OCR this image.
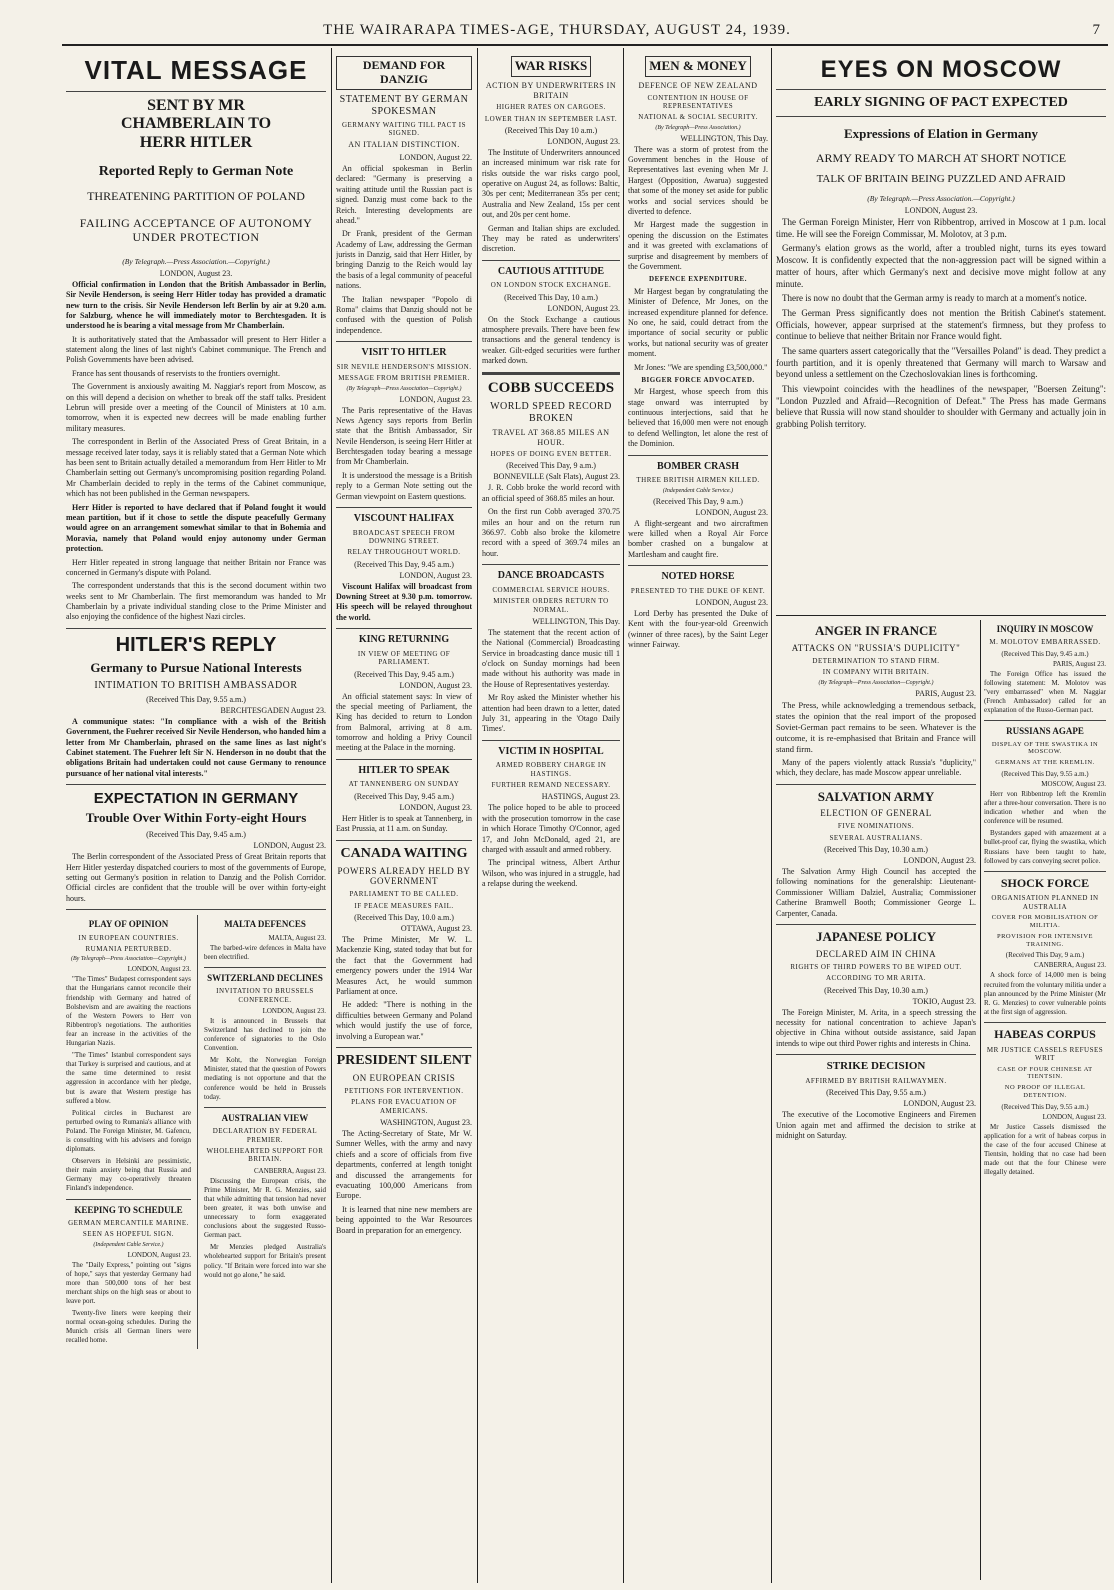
THE WAIRARAPA TIMES-AGE, THURSDAY, AUGUST 24, 1939.	7
VITAL MESSAGE
SENT BY MR CHAMBERLAIN TO HERR HITLER
Reported Reply to German Note
THREATENING PARTITION OF POLAND
FAILING ACCEPTANCE OF AUTONOMY UNDER PROTECTION
(By Telegraph.—Press Association.—Copyright.)
LONDON, August 23.

Official confirmation in London that the British Ambassador in Berlin, Sir Nevile Henderson, is seeing Herr Hitler today has provided a dramatic new turn to the crisis. Sir Nevile Henderson left Berlin by air at 9.20 a.m. for Salzburg, whence he will immediately motor to Berchtesgaden. It is understood he is bearing a vital message from Mr Chamberlain.

It is authoritatively stated that the Ambassador will present to Herr Hitler a statement along the lines of last night's Cabinet communique. The French and Polish Governments have been advised.

France has sent thousands of reservists to the frontiers overnight.

The Government is anxiously awaiting M. Naggiar's report from Moscow, as on this will depend a decision on whether to break off the staff talks. President Lebrun will preside over a meeting of the Council of Ministers at 10 a.m. tomorrow, when it is expected new decrees will be made enabling further military measures.

The correspondent in Berlin of the Associated Press of Great Britain, in a message received later today, says it is reliably stated that a German Note which has been sent to Britain actually detailed a memorandum from Herr Hitler to Mr Chamberlain setting out Germany's uncompromising position regarding Poland. Mr Chamberlain decided to reply in the terms of the Cabinet communique, which has not been published in the German newspapers.

Herr Hitler is reported to have declared that if Poland fought it would mean partition, but if it chose to settle the dispute peacefully Germany would agree on an arrangement somewhat similar to that in Bohemia and Moravia, namely that Poland would enjoy autonomy under German protection.

Herr Hitler repeated in strong language that neither Britain nor France was concerned in Germany's dispute with Poland.

The correspondent understands that this is the second document within two weeks sent to Mr Chamberlain. The first memorandum was handed to Mr Chamberlain by a private individual standing close to the Prime Minister and also enjoying the confidence of the highest Nazi circles.

HITLER'S REPLY
Germany to Pursue National Interests
INTIMATION TO BRITISH AMBASSADOR
(Received This Day, 9.55 a.m.)
BERCHTESGADEN August 23.

A communique states: "In compliance with a wish of the British Government, the Fuehrer received Sir Nevile Henderson, who handed him a letter from Mr Chamberlain, phrased on the same lines as last night's Cabinet statement. The Fuehrer left Sir N. Henderson in no doubt that the obligations Britain had undertaken could not cause Germany to renounce pursuance of her national vital interests."

EXPECTATION IN GERMANY
Trouble Over Within Forty-eight Hours
(Received This Day, 9.45 a.m.)
LONDON, August 23.

The Berlin correspondent of the Associated Press of Great Britain reports that Herr Hitler yesterday dispatched couriers to most of the governments of Europe, setting out Germany's position in relation to Danzig and the Polish Corridor. Official circles are confident that the trouble will be over within forty-eight hours.

PLAY OF OPINION
IN EUROPEAN COUNTRIES.
RUMANIA PERTURBED.
(By Telegraph—Press Association—Copyright.)
LONDON, August 23.

"The Times" Budapest correspondent says that the Hungarians cannot reconcile their friendship with Germany and hatred of Bolshevism and are awaiting the reactions of the Western Powers to Herr von Ribbentrop's negotiations. The authorities fear an increase in the activities of the Hungarian Nazis.

"The Times" Istanbul correspondent says that Turkey is surprised and cautious, and at the same time determined to resist aggression in accordance with her pledge, but is aware that Western prestige has suffered a blow.

Political circles in Bucharest are perturbed owing to Rumania's alliance with Poland. The Foreign Minister, M. Gafencu, is consulting with his advisers and foreign diplomats.

Observers in Helsinki are pessimistic, their main anxiety being that Russia and Germany may co-operatively threaten Finland's independence.

KEEPING TO SCHEDULE
GERMAN MERCANTILE MARINE.
SEEN AS HOPEFUL SIGN.
(Independent Cable Service.)
LONDON, August 23.

The "Daily Express," pointing out "signs of hope," says that yesterday Germany had more than 500,000 tons of her best merchant ships on the high seas or about to leave port.

Twenty-five liners were keeping their normal ocean-going schedules. During the Munich crisis all German liners were recalled home.

MALTA DEFENCES
MALTA, August 23.

The barbed-wire defences in Malta have been electrified.

SWITZERLAND DECLINES
INVITATION TO BRUSSELS CONFERENCE.
LONDON, August 23.

It is announced in Brussels that Switzerland has declined to join the conference of signatories to the Oslo Convention.

Mr Koht, the Norwegian Foreign Minister, stated that the question of Powers mediating is not opportune and that the conference would be held in Brussels today.

AUSTRALIAN VIEW
DECLARATION BY FEDERAL PREMIER.
WHOLEHEARTED SUPPORT FOR BRITAIN.
CANBERRA, August 23.

Discussing the European crisis, the Prime Minister, Mr R. G. Menzies, said that while admitting that tension had never been greater, it was both unwise and unnecessary to form exaggerated conclusions about the suggested Russo-German pact.

Mr Menzies pledged Australia's wholehearted support for Britain's present policy. "If Britain were forced into war she would not go alone," he said.

DEMAND FOR DANZIG
STATEMENT BY GERMAN SPOKESMAN
GERMANY WAITING TILL PACT IS SIGNED.
AN ITALIAN DISTINCTION.
LONDON, August 22.

An official spokesman in Berlin declared: "Germany is preserving a waiting attitude until the Russian pact is signed. Danzig must come back to the Reich. Interesting developments are ahead."

Dr Frank, president of the German Academy of Law, addressing the German jurists in Danzig, said that Herr Hitler, by bringing Danzig to the Reich would lay the basis of a legal community of peaceful nations.

The Italian newspaper "Popolo di Roma" claims that Danzig should not be confused with the question of Polish independence.

VISIT TO HITLER
SIR NEVILE HENDERSON'S MISSION.
MESSAGE FROM BRITISH PREMIER.
(By Telegraph—Press Association—Copyright.)
LONDON, August 23.

The Paris representative of the Havas News Agency says reports from Berlin state that the British Ambassador, Sir Nevile Henderson, is seeing Herr Hitler at Berchtesgaden today bearing a message from Mr Chamberlain.

It is understood the message is a British reply to a German Note setting out the German viewpoint on Eastern questions.

VISCOUNT HALIFAX
BROADCAST SPEECH FROM DOWNING STREET.
RELAY THROUGHOUT WORLD.
(Received This Day, 9.45 a.m.)
LONDON, August 23.

Viscount Halifax will broadcast from Downing Street at 9.30 p.m. tomorrow. His speech will be relayed throughout the world.

KING RETURNING
IN VIEW OF MEETING OF PARLIAMENT.
(Received This Day, 9.45 a.m.)
LONDON, August 23.

An official statement says: In view of the special meeting of Parliament, the King has decided to return to London from Balmoral, arriving at 8 a.m. tomorrow and holding a Privy Council meeting at the Palace in the morning.

HITLER TO SPEAK
AT TANNENBERG ON SUNDAY
(Received This Day, 9.45 a.m.)
LONDON, August 23.

Herr Hitler is to speak at Tannenberg, in East Prussia, at 11 a.m. on Sunday.

CANADA WAITING
POWERS ALREADY HELD BY GOVERNMENT
PARLIAMENT TO BE CALLED.
IF PEACE MEASURES FAIL.
(Received This Day, 10.0 a.m.)
OTTAWA, August 23.

The Prime Minister, Mr W. L. Mackenzie King, stated today that but for the fact that the Government had emergency powers under the 1914 War Measures Act, he would summon Parliament at once.

He added: "There is nothing in the difficulties between Germany and Poland which would justify the use of force, involving a European war."

PRESIDENT SILENT
ON EUROPEAN CRISIS
PETITIONS FOR INTERVENTION.
PLANS FOR EVACUATION OF AMERICANS.
WASHINGTON, August 23.

The Acting-Secretary of State, Mr W. Sumner Welles, with the army and navy chiefs and a score of officials from five departments, conferred at length tonight and discussed the arrangements for evacuating 100,000 Americans from Europe.

It is learned that nine new members are being appointed to the War Resources Board in preparation for an emergency.

WAR RISKS
ACTION BY UNDERWRITERS IN BRITAIN
HIGHER RATES ON CARGOES.
LOWER THAN IN SEPTEMBER LAST.
(Received This Day 10 a.m.)
LONDON, August 23.

The Institute of Underwriters announced an increased minimum war risk rate for risks outside the war risks cargo pool, operative on August 24, as follows: Baltic, 30s per cent; Mediterranean 35s per cent; Australia and New Zealand, 15s per cent out, and 20s per cent home.

German and Italian ships are excluded. They may be rated as underwriters' discretion.

CAUTIOUS ATTITUDE
ON LONDON STOCK EXCHANGE.
(Received This Day, 10 a.m.)
LONDON, August 23.

On the Stock Exchange a cautious atmosphere prevails. There have been few transactions and the general tendency is weaker. Gilt-edged securities were further marked down.

COBB SUCCEEDS
WORLD SPEED RECORD BROKEN
TRAVEL AT 368.85 MILES AN HOUR.
HOPES OF DOING EVEN BETTER.
(Received This Day, 9 a.m.)
BONNEVILLE (Salt Flats), August 23.

J. R. Cobb broke the world record with an official speed of 368.85 miles an hour.

On the first run Cobb averaged 370.75 miles an hour and on the return run 366.97. Cobb also broke the kilometre record with a speed of 369.74 miles an hour.

DANCE BROADCASTS
COMMERCIAL SERVICE HOURS.
MINISTER ORDERS RETURN TO NORMAL.
WELLINGTON, This Day.

The statement that the recent action of the National (Commercial) Broadcasting Service in broadcasting dance music till 1 o'clock on Sunday mornings had been made without his authority was made in the House of Representatives yesterday.

Mr Roy asked the Minister whether his attention had been drawn to a letter, dated July 31, appearing in the 'Otago Daily Times'.

VICTIM IN HOSPITAL
ARMED ROBBERY CHARGE IN HASTINGS.
FURTHER REMAND NECESSARY.
HASTINGS, August 23.

The police hoped to be able to proceed with the prosecution tomorrow in the case in which Horace Timothy O'Connor, aged 17, and John McDonald, aged 21, are charged with assault and armed robbery.

The principal witness, Albert Arthur Wilson, who was injured in a struggle, had a relapse during the weekend.

MEN & MONEY
DEFENCE OF NEW ZEALAND
CONTENTION IN HOUSE OF REPRESENTATIVES
NATIONAL & SOCIAL SECURITY.
(By Telegraph—Press Association.)
WELLINGTON, This Day.

There was a storm of protest from the Government benches in the House of Representatives last evening when Mr J. Hargest (Opposition, Awarua) suggested that some of the money set aside for public works and social services should be diverted to defence.

Mr Hargest made the suggestion in opening the discussion on the Estimates and it was greeted with exclamations of surprise and disagreement by members of the Government.

DEFENCE EXPENDITURE.

Mr Hargest began by congratulating the Minister of Defence, Mr Jones, on the increased expenditure planned for defence. No one, he said, could detract from the importance of social security or public works, but national security was of greater moment.

Mr Jones: "We are spending £3,500,000."

BIGGER FORCE ADVOCATED.

Mr Hargest, whose speech from this stage onward was interrupted by continuous interjections, said that he believed that 16,000 men were not enough to defend Wellington, let alone the rest of the Dominion.

BOMBER CRASH
THREE BRITISH AIRMEN KILLED.
(Independent Cable Service.)
(Received This Day, 9 a.m.)
LONDON, August 23.

A flight-sergeant and two aircraftmen were killed when a Royal Air Force bomber crashed on a bungalow at Martlesham and caught fire.

NOTED HORSE
PRESENTED TO THE DUKE OF KENT.
LONDON, August 23.

Lord Derby has presented the Duke of Kent with the four-year-old Greenwich (winner of three races), by the Saint Leger winner Fairway.

EYES ON MOSCOW
EARLY SIGNING OF PACT EXPECTED
Expressions of Elation in Germany
ARMY READY TO MARCH AT SHORT NOTICE
TALK OF BRITAIN BEING PUZZLED AND AFRAID
(By Telegraph.—Press Association.—Copyright.)
LONDON, August 23.

The German Foreign Minister, Herr von Ribbentrop, arrived in Moscow at 1 p.m. local time. He will see the Foreign Commissar, M. Molotov, at 3 p.m.

Germany's elation grows as the world, after a troubled night, turns its eyes toward Moscow. It is confidently expected that the non-aggression pact will be signed within a matter of hours, after which Germany's next and decisive move might follow at any minute.

There is now no doubt that the German army is ready to march at a moment's notice.

The German Press significantly does not mention the British Cabinet's statement. Officials, however, appear surprised at the statement's firmness, but they profess to continue to believe that neither Britain nor France would fight.

The same quarters assert categorically that the "Versailles Poland" is dead. They predict a fourth partition, and it is openly threatened that Germany will march to Warsaw and beyond unless a settlement on the Czechoslovakian lines is forthcoming.

This viewpoint coincides with the headlines of the newspaper, "Boersen Zeitung": "London Puzzled and Afraid—Recognition of Defeat." The Press has made Germans believe that Russia will now stand shoulder to shoulder with Germany and actually join in grabbing Polish territory.

ANGER IN FRANCE
ATTACKS ON "RUSSIA'S DUPLICITY"
DETERMINATION TO STAND FIRM.
IN COMPANY WITH BRITAIN.
(By Telegraph—Press Association—Copyright.)
PARIS, August 23.

The Press, while acknowledging a tremendous setback, states the opinion that the real import of the proposed Soviet-German pact remains to be seen. Whatever is the outcome, it is re-emphasised that Britain and France will stand firm.

Many of the papers violently attack Russia's "duplicity," which, they declare, has made Moscow appear unreliable.

SALVATION ARMY
ELECTION OF GENERAL
FIVE NOMINATIONS.
SEVERAL AUSTRALIANS.
(Received This Day, 10.30 a.m.)
LONDON, August 23.

The Salvation Army High Council has accepted the following nominations for the generalship: Lieutenant-Commissioner William Dalziel, Australia; Commissioner Catherine Bramwell Booth; Commissioner George L. Carpenter, Canada.

JAPANESE POLICY
DECLARED AIM IN CHINA
RIGHTS OF THIRD POWERS TO BE WIPED OUT.
ACCORDING TO MR ARITA.
(Received This Day, 10.30 a.m.)
TOKIO, August 23.

The Foreign Minister, M. Arita, in a speech stressing the necessity for national concentration to achieve Japan's objective in China without outside assistance, said Japan intends to wipe out third Power rights and interests in China.

STRIKE DECISION
AFFIRMED BY BRITISH RAILWAYMEN.
(Received This Day, 9.55 a.m.)
LONDON, August 23.

The executive of the Locomotive Engineers and Firemen Union again met and affirmed the decision to strike at midnight on Saturday.

INQUIRY IN MOSCOW
M. MOLOTOV EMBARRASSED.
(Received This Day, 9.45 a.m.)
PARIS, August 23.

The Foreign Office has issued the following statement: M. Molotov was "very embarrassed" when M. Naggiar (French Ambassador) called for an explanation of the Russo-German pact.

RUSSIANS AGAPE
DISPLAY OF THE SWASTIKA IN MOSCOW.
GERMANS AT THE KREMLIN.
(Received This Day, 9.55 a.m.)
MOSCOW, August 23.

Herr von Ribbentrop left the Kremlin after a three-hour conversation. There is no indication whether and when the conference will be resumed.

Bystanders gaped with amazement at a bullet-proof car, flying the swastika, which Russians have been taught to hate, followed by cars conveying secret police.

SHOCK FORCE
ORGANISATION PLANNED IN AUSTRALIA
COVER FOR MOBILISATION OF MILITIA.
PROVISION FOR INTENSIVE TRAINING.
(Received This Day, 9 a.m.)
CANBERRA, August 23.

A shock force of 14,000 men is being recruited from the voluntary militia under a plan announced by the Prime Minister (Mr R. G. Menzies) to cover vulnerable points at the first sign of aggression.

HABEAS CORPUS
MR JUSTICE CASSELS REFUSES WRIT
CASE OF FOUR CHINESE AT TIENTSIN.
NO PROOF OF ILLEGAL DETENTION.
(Received This Day, 9.55 a.m.)
LONDON, August 23.

Mr Justice Cassels dismissed the application for a writ of habeas corpus in the case of the four accused Chinese at Tientsin, holding that no case had been made out that the four Chinese were illegally detained.
